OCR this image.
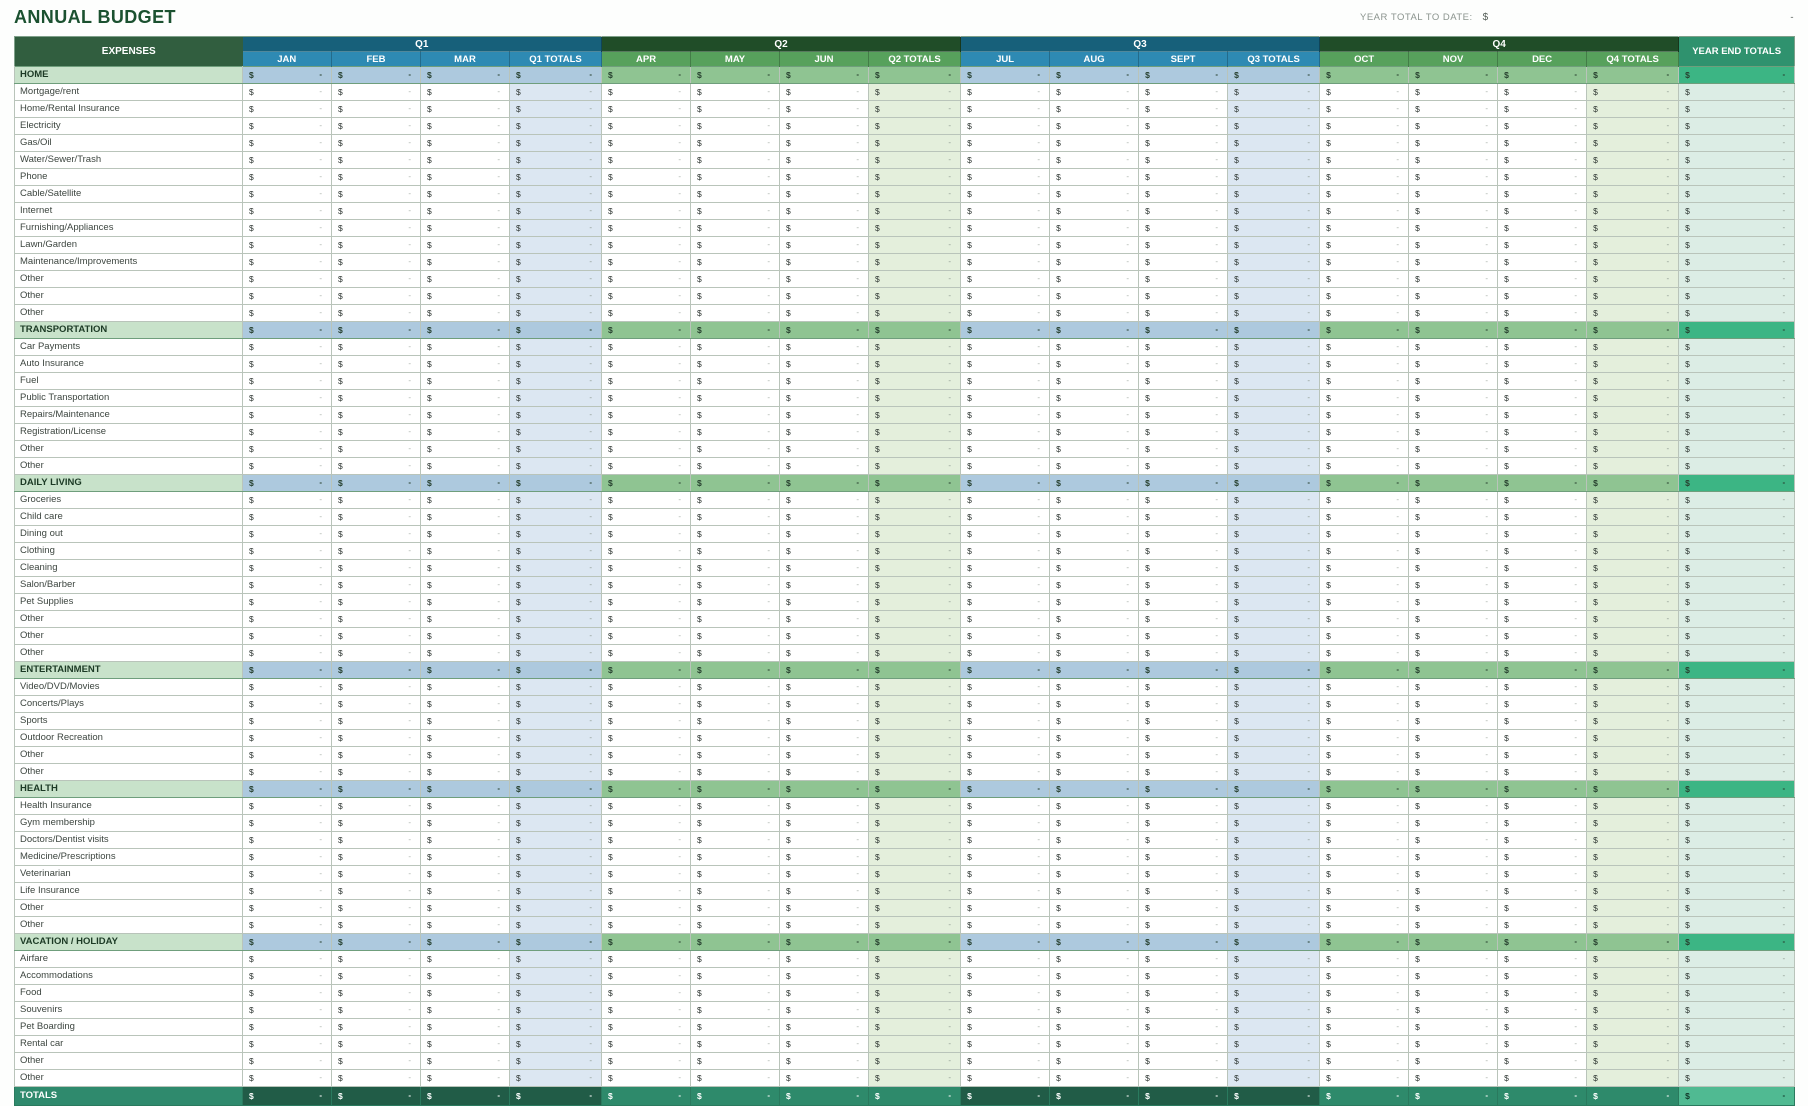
ANNUAL BUDGET	YEAR TOTAL TO DATE: $	-
EXPENSES	Q1				Q2				Q3				Q4				YEAR END TOTALS
	JAN	FEB	MAR	Q1 TOTALS	APR	MAY	JUN	Q2 TOTALS	JUL	AUG	SEPT	Q3 TOTALS	OCT	NOV	DEC	Q4 TOTALS	
HOME	$ -	$ -	$ -	$ -	$ -	$ -	$ -	$ -	$ -	$ -	$ -	$ -	$ -	$ -	$ -	$ -	$ -

Mortgage/rent	$ -	$ -	$ -	$ -	$ -	$ -	$ -	$ -	$ -	$ -	$ -	$ -	$ -	$ -	$ -	$ -	$ -

Home/Rental Insurance	$ -	$ -	$ -	$ -	$ -	$ -	$ -	$ -	$ -	$ -	$ -	$ -	$ -	$ -	$ -	$ -	$ -

Electricity	$ -	$ -	$ -	$ -	$ -	$ -	$ -	$ -	$ -	$ -	$ -	$ -	$ -	$ -	$ -	$ -	$ -

Gas/Oil	$ -	$ -	$ -	$ -	$ -	$ -	$ -	$ -	$ -	$ -	$ -	$ -	$ -	$ -	$ -	$ -	$ -

Water/Sewer/Trash	$ -	$ -	$ -	$ -	$ -	$ -	$ -	$ -	$ -	$ -	$ -	$ -	$ -	$ -	$ -	$ -	$ -

Phone	$ -	$ -	$ -	$ -	$ -	$ -	$ -	$ -	$ -	$ -	$ -	$ -	$ -	$ -	$ -	$ -	$ -

Cable/Satellite	$ -	$ -	$ -	$ -	$ -	$ -	$ -	$ -	$ -	$ -	$ -	$ -	$ -	$ -	$ -	$ -	$ -

Internet	$ -	$ -	$ -	$ -	$ -	$ -	$ -	$ -	$ -	$ -	$ -	$ -	$ -	$ -	$ -	$ -	$ -

Furnishing/Appliances	$ -	$ -	$ -	$ -	$ -	$ -	$ -	$ -	$ -	$ -	$ -	$ -	$ -	$ -	$ -	$ -	$ -

Lawn/Garden	$ -	$ -	$ -	$ -	$ -	$ -	$ -	$ -	$ -	$ -	$ -	$ -	$ -	$ -	$ -	$ -	$ -

Maintenance/Improvements	$ -	$ -	$ -	$ -	$ -	$ -	$ -	$ -	$ -	$ -	$ -	$ -	$ -	$ -	$ -	$ -	$ -

Other	$ -	$ -	$ -	$ -	$ -	$ -	$ -	$ -	$ -	$ -	$ -	$ -	$ -	$ -	$ -	$ -	$ -

Other	$ -	$ -	$ -	$ -	$ -	$ -	$ -	$ -	$ -	$ -	$ -	$ -	$ -	$ -	$ -	$ -	$ -

Other	$ -	$ -	$ -	$ -	$ -	$ -	$ -	$ -	$ -	$ -	$ -	$ -	$ -	$ -	$ -	$ -	$ -

TRANSPORTATION	$ -	$ -	$ -	$ -	$ -	$ -	$ -	$ -	$ -	$ -	$ -	$ -	$ -	$ -	$ -	$ -	$ -

Car Payments	$ -	$ -	$ -	$ -	$ -	$ -	$ -	$ -	$ -	$ -	$ -	$ -	$ -	$ -	$ -	$ -	$ -

Auto Insurance	$ -	$ -	$ -	$ -	$ -	$ -	$ -	$ -	$ -	$ -	$ -	$ -	$ -	$ -	$ -	$ -	$ -

Fuel	$ -	$ -	$ -	$ -	$ -	$ -	$ -	$ -	$ -	$ -	$ -	$ -	$ -	$ -	$ -	$ -	$ -

Public Transportation	$ -	$ -	$ -	$ -	$ -	$ -	$ -	$ -	$ -	$ -	$ -	$ -	$ -	$ -	$ -	$ -	$ -

Repairs/Maintenance	$ -	$ -	$ -	$ -	$ -	$ -	$ -	$ -	$ -	$ -	$ -	$ -	$ -	$ -	$ -	$ -	$ -

Registration/License	$ -	$ -	$ -	$ -	$ -	$ -	$ -	$ -	$ -	$ -	$ -	$ -	$ -	$ -	$ -	$ -	$ -

Other	$ -	$ -	$ -	$ -	$ -	$ -	$ -	$ -	$ -	$ -	$ -	$ -	$ -	$ -	$ -	$ -	$ -

Other	$ -	$ -	$ -	$ -	$ -	$ -	$ -	$ -	$ -	$ -	$ -	$ -	$ -	$ -	$ -	$ -	$ -

DAILY LIVING	$ -	$ -	$ -	$ -	$ -	$ -	$ -	$ -	$ -	$ -	$ -	$ -	$ -	$ -	$ -	$ -	$ -

Groceries	$ -	$ -	$ -	$ -	$ -	$ -	$ -	$ -	$ -	$ -	$ -	$ -	$ -	$ -	$ -	$ -	$ -

Child care	$ -	$ -	$ -	$ -	$ -	$ -	$ -	$ -	$ -	$ -	$ -	$ -	$ -	$ -	$ -	$ -	$ -

Dining out	$ -	$ -	$ -	$ -	$ -	$ -	$ -	$ -	$ -	$ -	$ -	$ -	$ -	$ -	$ -	$ -	$ -

Clothing	$ -	$ -	$ -	$ -	$ -	$ -	$ -	$ -	$ -	$ -	$ -	$ -	$ -	$ -	$ -	$ -	$ -

Cleaning	$ -	$ -	$ -	$ -	$ -	$ -	$ -	$ -	$ -	$ -	$ -	$ -	$ -	$ -	$ -	$ -	$ -

Salon/Barber	$ -	$ -	$ -	$ -	$ -	$ -	$ -	$ -	$ -	$ -	$ -	$ -	$ -	$ -	$ -	$ -	$ -

Pet Supplies	$ -	$ -	$ -	$ -	$ -	$ -	$ -	$ -	$ -	$ -	$ -	$ -	$ -	$ -	$ -	$ -	$ -

Other	$ -	$ -	$ -	$ -	$ -	$ -	$ -	$ -	$ -	$ -	$ -	$ -	$ -	$ -	$ -	$ -	$ -

Other	$ -	$ -	$ -	$ -	$ -	$ -	$ -	$ -	$ -	$ -	$ -	$ -	$ -	$ -	$ -	$ -	$ -

Other	$ -	$ -	$ -	$ -	$ -	$ -	$ -	$ -	$ -	$ -	$ -	$ -	$ -	$ -	$ -	$ -	$ -

ENTERTAINMENT	$ -	$ -	$ -	$ -	$ -	$ -	$ -	$ -	$ -	$ -	$ -	$ -	$ -	$ -	$ -	$ -	$ -

Video/DVD/Movies	$ -	$ -	$ -	$ -	$ -	$ -	$ -	$ -	$ -	$ -	$ -	$ -	$ -	$ -	$ -	$ -	$ -

Concerts/Plays	$ -	$ -	$ -	$ -	$ -	$ -	$ -	$ -	$ -	$ -	$ -	$ -	$ -	$ -	$ -	$ -	$ -

Sports	$ -	$ -	$ -	$ -	$ -	$ -	$ -	$ -	$ -	$ -	$ -	$ -	$ -	$ -	$ -	$ -	$ -

Outdoor Recreation	$ -	$ -	$ -	$ -	$ -	$ -	$ -	$ -	$ -	$ -	$ -	$ -	$ -	$ -	$ -	$ -	$ -

Other	$ -	$ -	$ -	$ -	$ -	$ -	$ -	$ -	$ -	$ -	$ -	$ -	$ -	$ -	$ -	$ -	$ -

Other	$ -	$ -	$ -	$ -	$ -	$ -	$ -	$ -	$ -	$ -	$ -	$ -	$ -	$ -	$ -	$ -	$ -

HEALTH	$ -	$ -	$ -	$ -	$ -	$ -	$ -	$ -	$ -	$ -	$ -	$ -	$ -	$ -	$ -	$ -	$ -

Health Insurance	$ -	$ -	$ -	$ -	$ -	$ -	$ -	$ -	$ -	$ -	$ -	$ -	$ -	$ -	$ -	$ -	$ -

Gym membership	$ -	$ -	$ -	$ -	$ -	$ -	$ -	$ -	$ -	$ -	$ -	$ -	$ -	$ -	$ -	$ -	$ -

Doctors/Dentist visits	$ -	$ -	$ -	$ -	$ -	$ -	$ -	$ -	$ -	$ -	$ -	$ -	$ -	$ -	$ -	$ -	$ -

Medicine/Prescriptions	$ -	$ -	$ -	$ -	$ -	$ -	$ -	$ -	$ -	$ -	$ -	$ -	$ -	$ -	$ -	$ -	$ -

Veterinarian	$ -	$ -	$ -	$ -	$ -	$ -	$ -	$ -	$ -	$ -	$ -	$ -	$ -	$ -	$ -	$ -	$ -

Life Insurance	$ -	$ -	$ -	$ -	$ -	$ -	$ -	$ -	$ -	$ -	$ -	$ -	$ -	$ -	$ -	$ -	$ -

Other	$ -	$ -	$ -	$ -	$ -	$ -	$ -	$ -	$ -	$ -	$ -	$ -	$ -	$ -	$ -	$ -	$ -

Other	$ -	$ -	$ -	$ -	$ -	$ -	$ -	$ -	$ -	$ -	$ -	$ -	$ -	$ -	$ -	$ -	$ -

VACATION / HOLIDAY	$ -	$ -	$ -	$ -	$ -	$ -	$ -	$ -	$ -	$ -	$ -	$ -	$ -	$ -	$ -	$ -	$ -

Airfare	$ -	$ -	$ -	$ -	$ -	$ -	$ -	$ -	$ -	$ -	$ -	$ -	$ -	$ -	$ -	$ -	$ -

Accommodations	$ -	$ -	$ -	$ -	$ -	$ -	$ -	$ -	$ -	$ -	$ -	$ -	$ -	$ -	$ -	$ -	$ -

Food	$ -	$ -	$ -	$ -	$ -	$ -	$ -	$ -	$ -	$ -	$ -	$ -	$ -	$ -	$ -	$ -	$ -

Souvenirs	$ -	$ -	$ -	$ -	$ -	$ -	$ -	$ -	$ -	$ -	$ -	$ -	$ -	$ -	$ -	$ -	$ -

Pet Boarding	$ -	$ -	$ -	$ -	$ -	$ -	$ -	$ -	$ -	$ -	$ -	$ -	$ -	$ -	$ -	$ -	$ -

Rental car	$ -	$ -	$ -	$ -	$ -	$ -	$ -	$ -	$ -	$ -	$ -	$ -	$ -	$ -	$ -	$ -	$ -

Other	$ -	$ -	$ -	$ -	$ -	$ -	$ -	$ -	$ -	$ -	$ -	$ -	$ -	$ -	$ -	$ -	$ -

Other	$ -	$ -	$ -	$ -	$ -	$ -	$ -	$ -	$ -	$ -	$ -	$ -	$ -	$ -	$ -	$ -	$ -

TOTALS	$ -	$ -	$ -	$ -	$ -	$ -	$ -	$ -	$ -	$ -	$ -	$ -	$ -	$ -	$ -	$ -	$ -
